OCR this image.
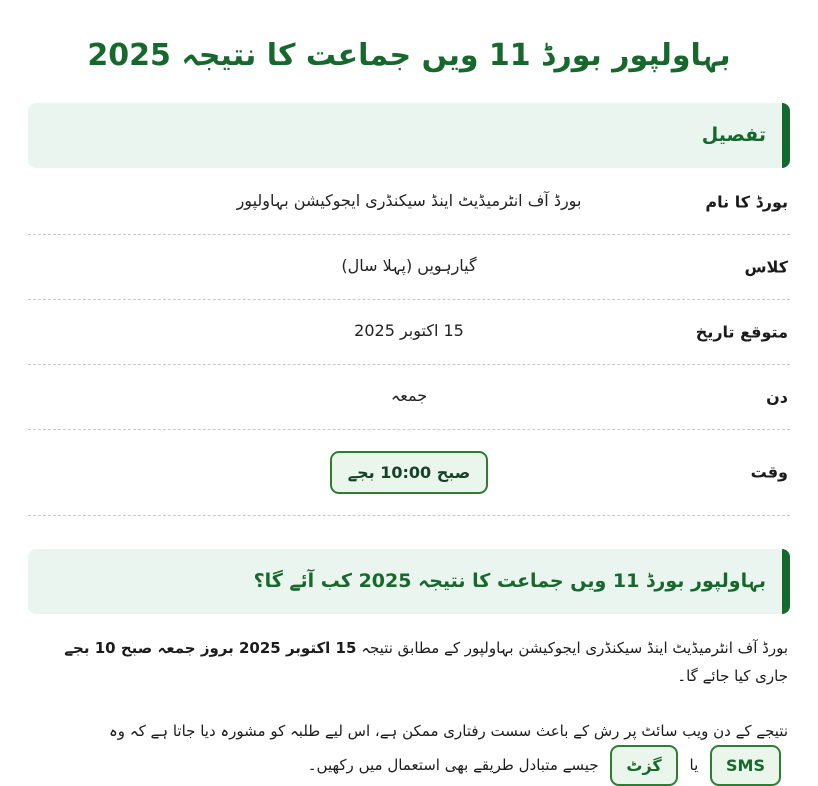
بہاولپور بورڈ 11 ویں جماعت کا نتیجہ 2025
تفصیل
بورڈ کا نام
بورڈ آف انٹرمیڈیٹ اینڈ سیکنڈری ایجوکیشن بہاولپور
کلاس
گیارہویں (پہلا سال)
متوقع تاریخ
15 اکتوبر 2025
دن
جمعہ
وقت
صبح 10:00 بجے
بہاولپور بورڈ 11 ویں جماعت کا نتیجہ 2025 کب آئے گا؟

بورڈ آف انٹرمیڈیٹ اینڈ سیکنڈری ایجوکیشن بہاولپور کے مطابق نتیجہ 15 اکتوبر 2025 بروز جمعہ صبح 10 بجے جاری کیا جائے گا۔

نتیجے کے دن ویب سائٹ پر رش کے باعث سست رفتاری ممکن ہے، اس لیے طلبہ کو مشورہ دیا جاتا ہے کہ وہ SMS یا گزٹ جیسے متبادل طریقے بھی استعمال میں رکھیں۔
